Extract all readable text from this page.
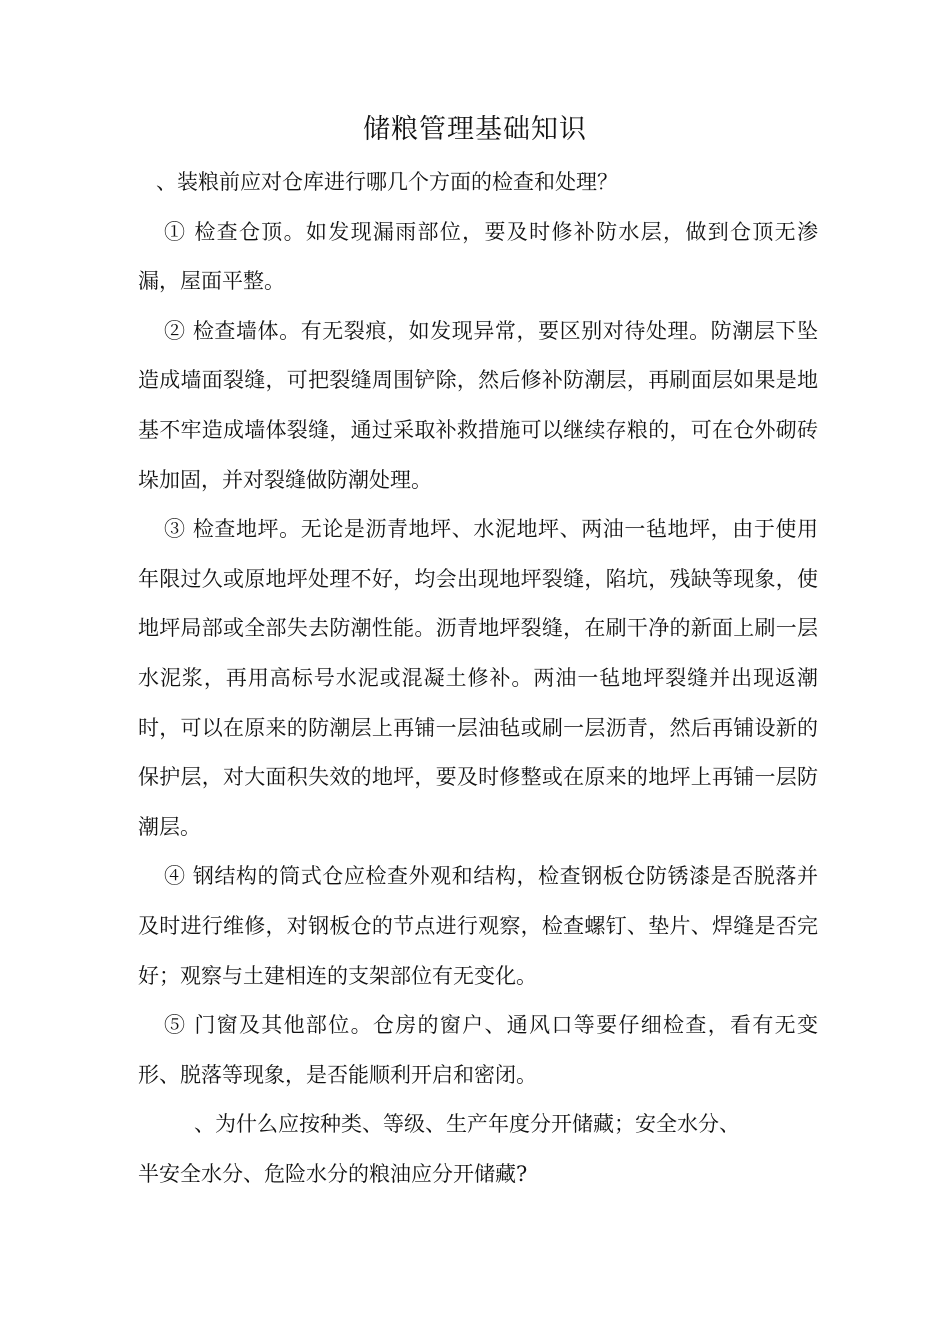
储粮管理基础知识

、装粮前应对仓库进行哪几个方面的检查和处理？

① 检查仓顶。如发现漏雨部位，要及时修补防水层，做到仓顶无渗漏，屋面平整。

② 检查墙体。有无裂痕，如发现异常，要区别对待处理。防潮层下坠造成墙面裂缝，可把裂缝周围铲除，然后修补防潮层，再刷面层如果是地基不牢造成墙体裂缝，通过采取补救措施可以继续存粮的，可在仓外砌砖垛加固，并对裂缝做防潮处理。

③ 检查地坪。无论是沥青地坪、水泥地坪、两油一毡地坪，由于使用年限过久或原地坪处理不好，均会出现地坪裂缝，陷坑，残缺等现象，使地坪局部或全部失去防潮性能。沥青地坪裂缝，在刷干净的新面上刷一层水泥浆，再用高标号水泥或混凝土修补。两油一毡地坪裂缝并出现返潮时，可以在原来的防潮层上再铺一层油毡或刷一层沥青，然后再铺设新的保护层，对大面积失效的地坪，要及时修整或在原来的地坪上再铺一层防潮层。

④ 钢结构的筒式仓应检查外观和结构，检查钢板仓防锈漆是否脱落并及时进行维修，对钢板仓的节点进行观察，检查螺钉、垫片、焊缝是否完好；观察与土建相连的支架部位有无变化。

⑤ 门窗及其他部位。仓房的窗户、通风口等要仔细检查，看有无变形、脱落等现象，是否能顺利开启和密闭。

、为什么应按种类、等级、生产年度分开储藏；安全水分、

半安全水分、危险水分的粮油应分开储藏?
